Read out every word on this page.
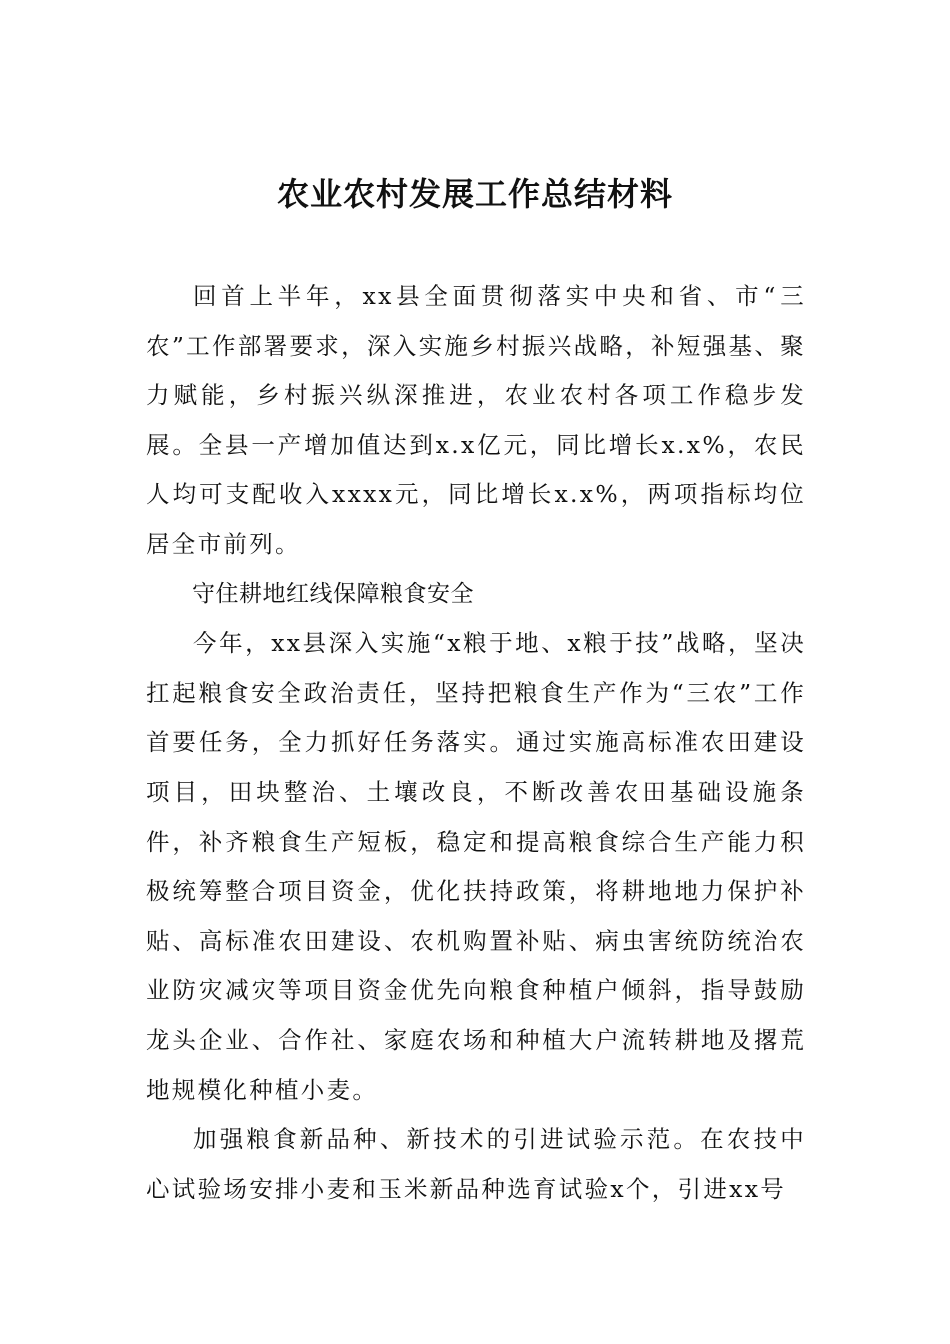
农业农村发展工作总结材料

回首上半年，xx县全面贯彻落实中央和省、市“三农”工作部署要求，深入实施乡村振兴战略，补短强基、聚力赋能，乡村振兴纵深推进，农业农村各项工作稳步发展。全县一产增加值达到x.x亿元，同比增长x.x%，农民人均可支配收入xxxx元，同比增长x.x%，两项指标均位居全市前列。

守住耕地红线保障粮食安全

今年，xx县深入实施“x粮于地、x粮于技”战略，坚决扛起粮食安全政治责任，坚持把粮食生产作为“三农”工作首要任务，全力抓好任务落实。通过实施高标准农田建设项目，田块整治、土壤改良，不断改善农田基础设施条件，补齐粮食生产短板，稳定和提高粮食综合生产能力积极统筹整合项目资金，优化扶持政策，将耕地地力保护补贴、高标准农田建设、农机购置补贴、病虫害统防统治农业防灾减灾等项目资金优先向粮食种植户倾斜，指导鼓励龙头企业、合作社、家庭农场和种植大户流转耕地及撂荒地规模化种植小麦。

加强粮食新品种、新技术的引进试验示范。在农技中心试验场安排小麦和玉米新品种选育试验x个，引进xx号
